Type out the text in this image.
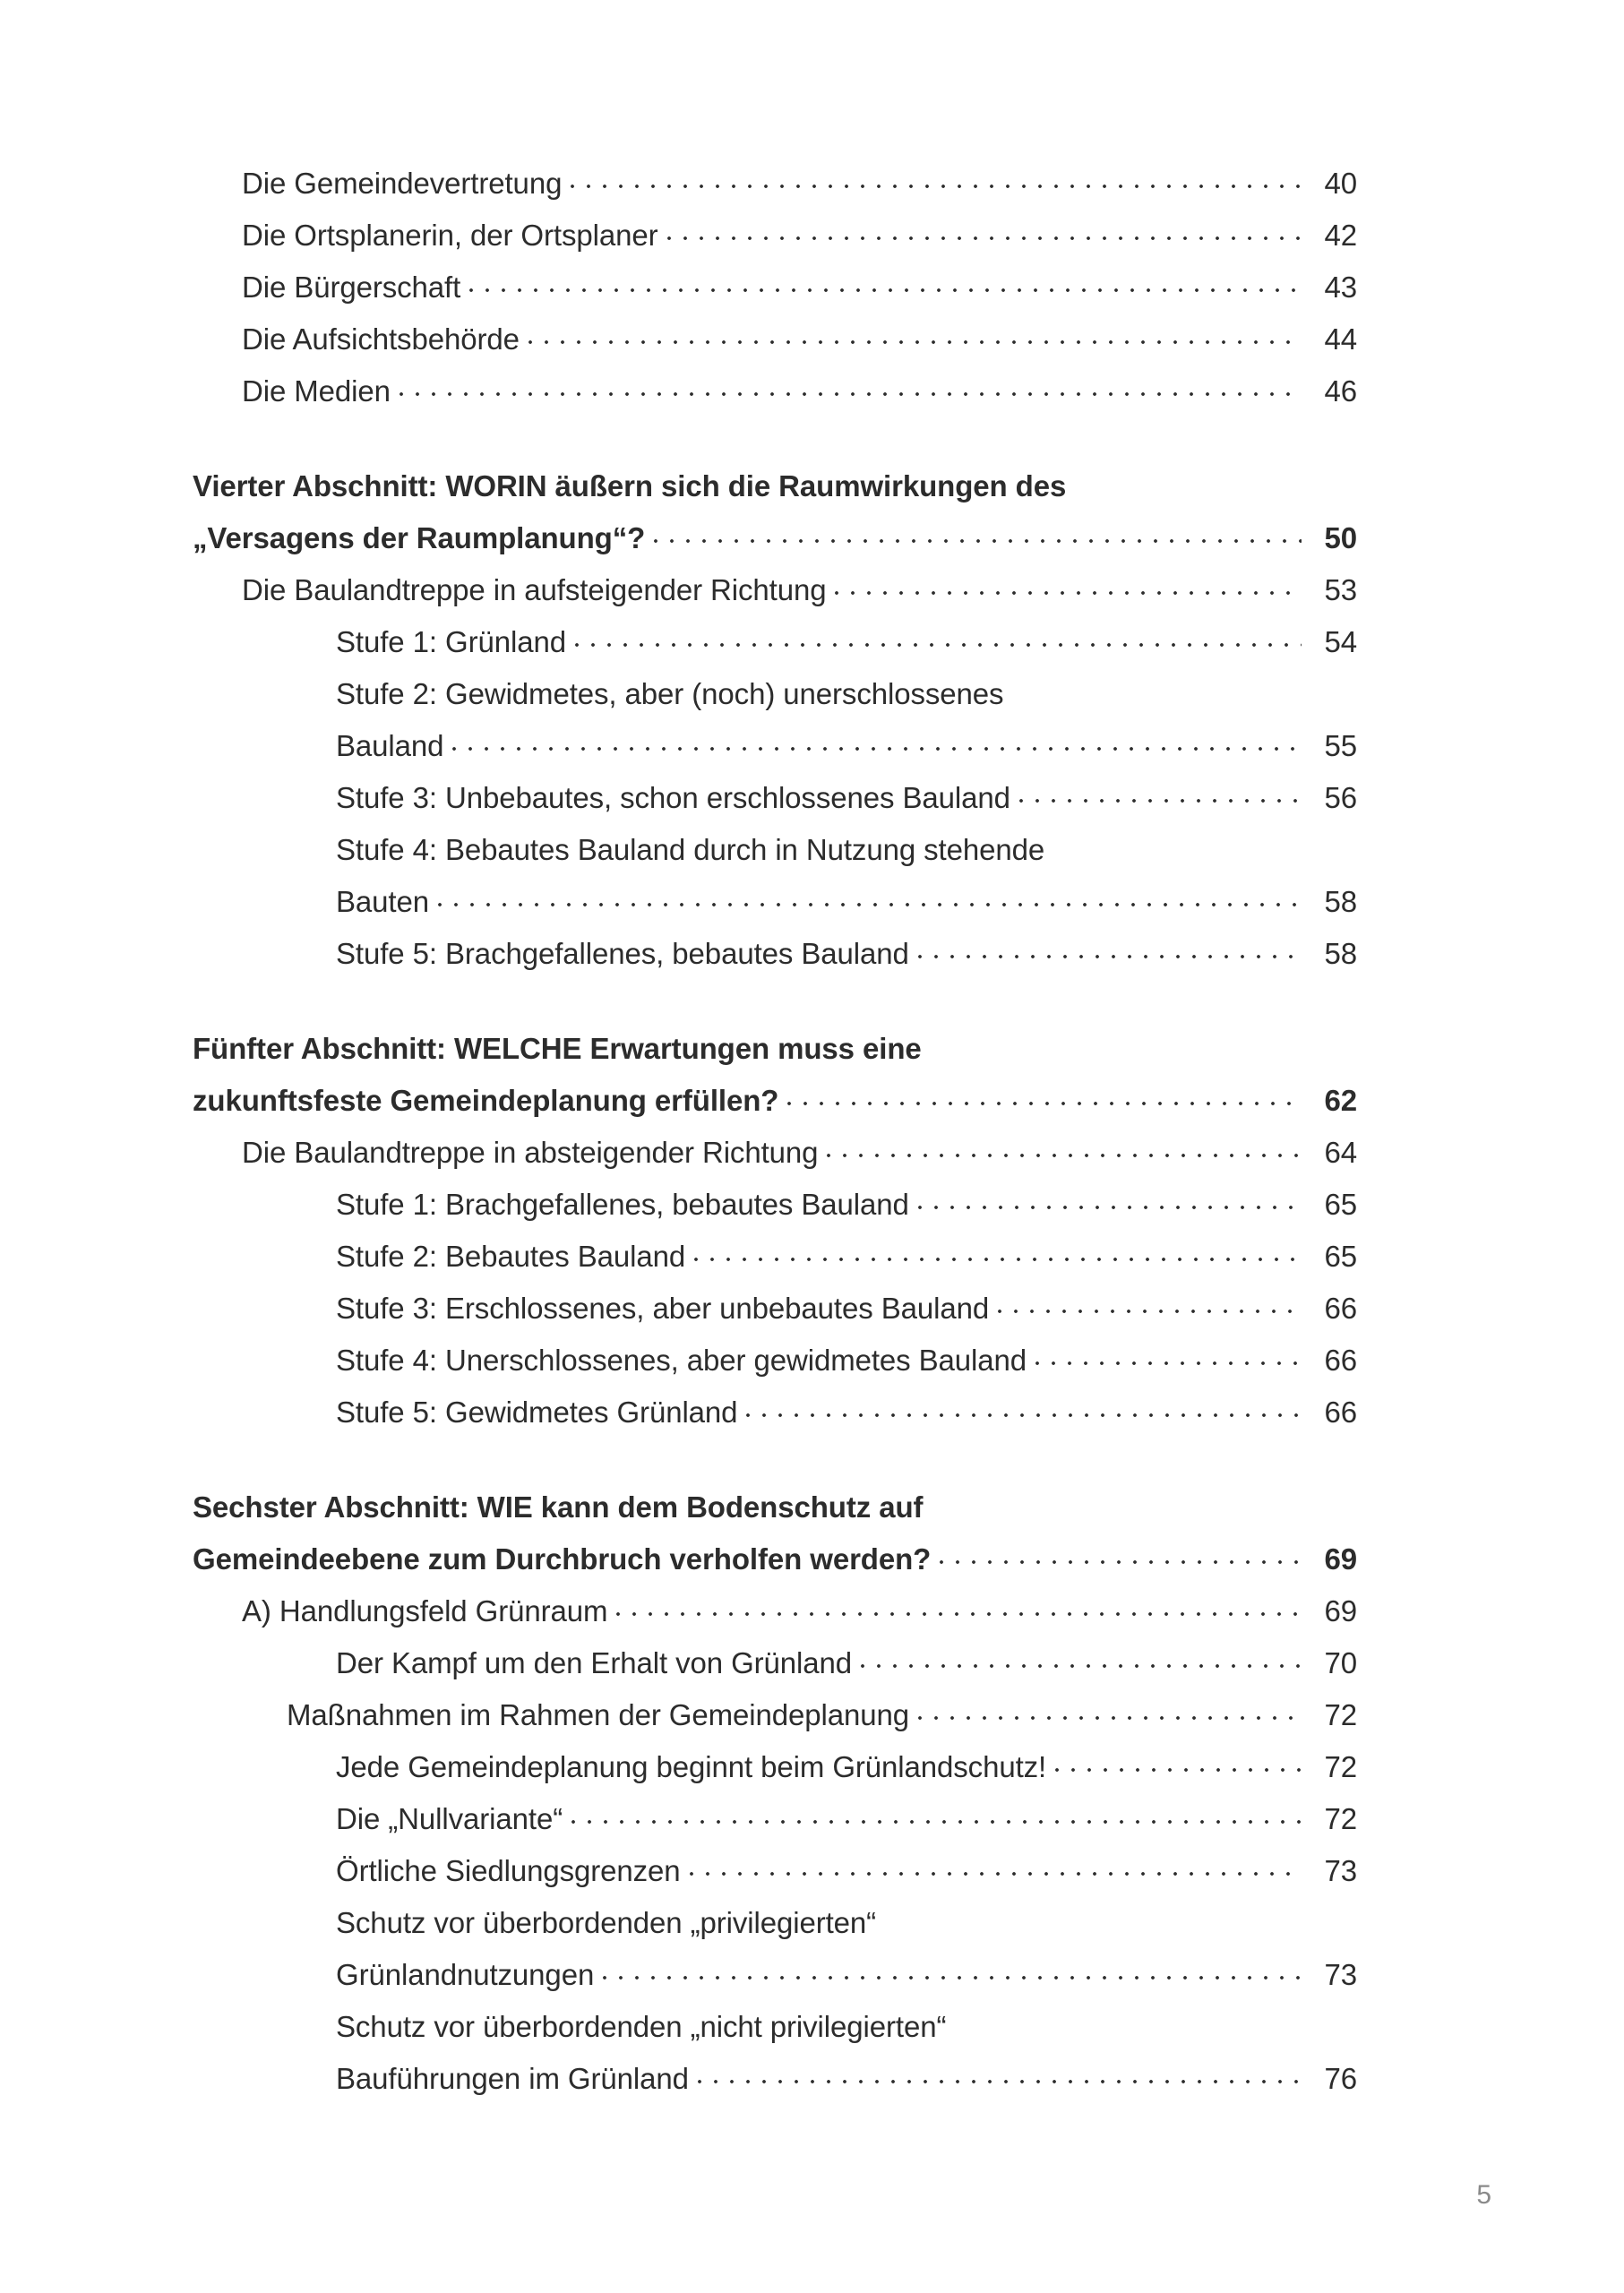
Die Gemeindevertretung	40
Die Ortsplanerin, der Ortsplaner	42
Die Bürgerschaft	43
Die Aufsichtsbehörde	44
Die Medien	46
Vierter Abschnitt: WORIN äußern sich die Raumwirkungen des
„Versagens der Raumplanung“?	50
Die Baulandtreppe in aufsteigender Richtung	53
Stufe 1: Grünland	54
Stufe 2: Gewidmetes, aber (noch) unerschlossenes
Bauland	55
Stufe 3: Unbebautes, schon erschlossenes Bauland	56
Stufe 4: Bebautes Bauland durch in Nutzung stehende
Bauten	58
Stufe 5: Brachgefallenes, bebautes Bauland	58
Fünfter Abschnitt: WELCHE Erwartungen muss eine
zukunftsfeste Gemeindeplanung erfüllen?	62
Die Baulandtreppe in absteigender Richtung	64
Stufe 1: Brachgefallenes, bebautes Bauland	65
Stufe 2: Bebautes Bauland	65
Stufe 3: Erschlossenes, aber unbebautes Bauland	66
Stufe 4: Unerschlossenes, aber gewidmetes Bauland	66
Stufe 5: Gewidmetes Grünland	66
Sechster Abschnitt: WIE kann dem Bodenschutz auf
Gemeindeebene zum Durchbruch verholfen werden?	69
A) Handlungsfeld Grünraum	69
Der Kampf um den Erhalt von Grünland	70
Maßnahmen im Rahmen der Gemeindeplanung	72
Jede Gemeindeplanung beginnt beim Grünlandschutz!	72
Die „Nullvariante“	72
Örtliche Siedlungsgrenzen	73
Schutz vor überbordenden „privilegierten“
Grünlandnutzungen	73
Schutz vor überbordenden „nicht privilegierten“
Bauführungen im Grünland	76
5
